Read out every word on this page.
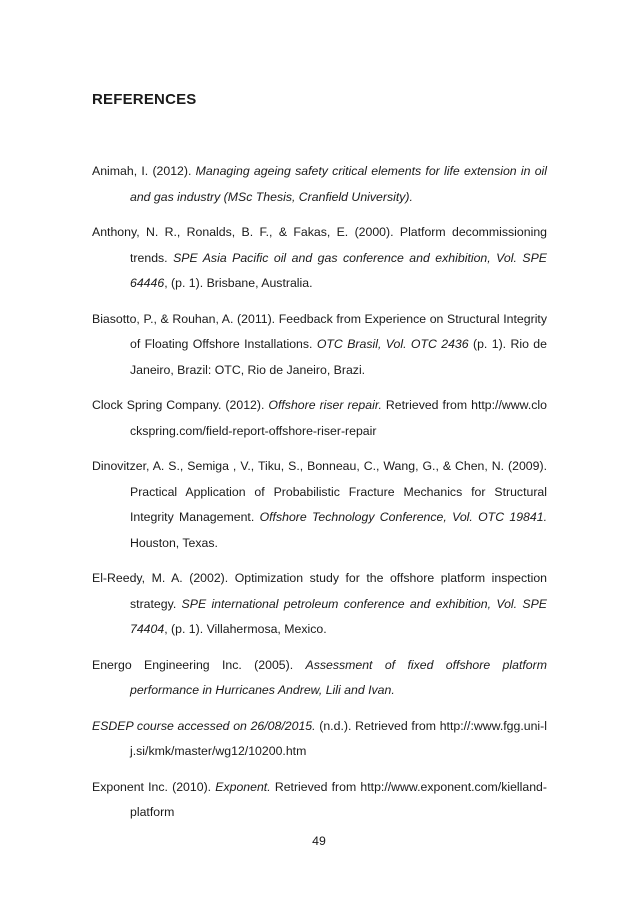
REFERENCES
Animah, I. (2012). Managing ageing safety critical elements for life extension in oil and gas industry (MSc Thesis, Cranfield University).
Anthony, N. R., Ronalds, B. F., & Fakas, E. (2000). Platform decommissioning trends. SPE Asia Pacific oil and gas conference and exhibition, Vol. SPE 64446, (p. 1). Brisbane, Australia.
Biasotto, P., & Rouhan, A. (2011). Feedback from Experience on Structural Integrity of Floating Offshore Installations. OTC Brasil, Vol. OTC 2436 (p. 1). Rio de Janeiro, Brazil: OTC, Rio de Janeiro, Brazi.
Clock Spring Company. (2012). Offshore riser repair. Retrieved from http://www.clockspring.com/field-report-offshore-riser-repair
Dinovitzer, A. S., Semiga , V., Tiku, S., Bonneau, C., Wang, G., & Chen, N. (2009). Practical Application of Probabilistic Fracture Mechanics for Structural Integrity Management. Offshore Technology Conference, Vol. OTC 19841. Houston, Texas.
El-Reedy, M. A. (2002). Optimization study for the offshore platform inspection strategy. SPE international petroleum conference and exhibition, Vol. SPE 74404, (p. 1). Villahermosa, Mexico.
Energo Engineering Inc. (2005). Assessment of fixed offshore platform performance in Hurricanes Andrew, Lili and Ivan.
ESDEP course accessed on 26/08/2015. (n.d.). Retrieved from http://:www.fgg.uni-lj.si/kmk/master/wg12/10200.htm
Exponent Inc. (2010). Exponent. Retrieved from http://www.exponent.com/kielland-platform

49
